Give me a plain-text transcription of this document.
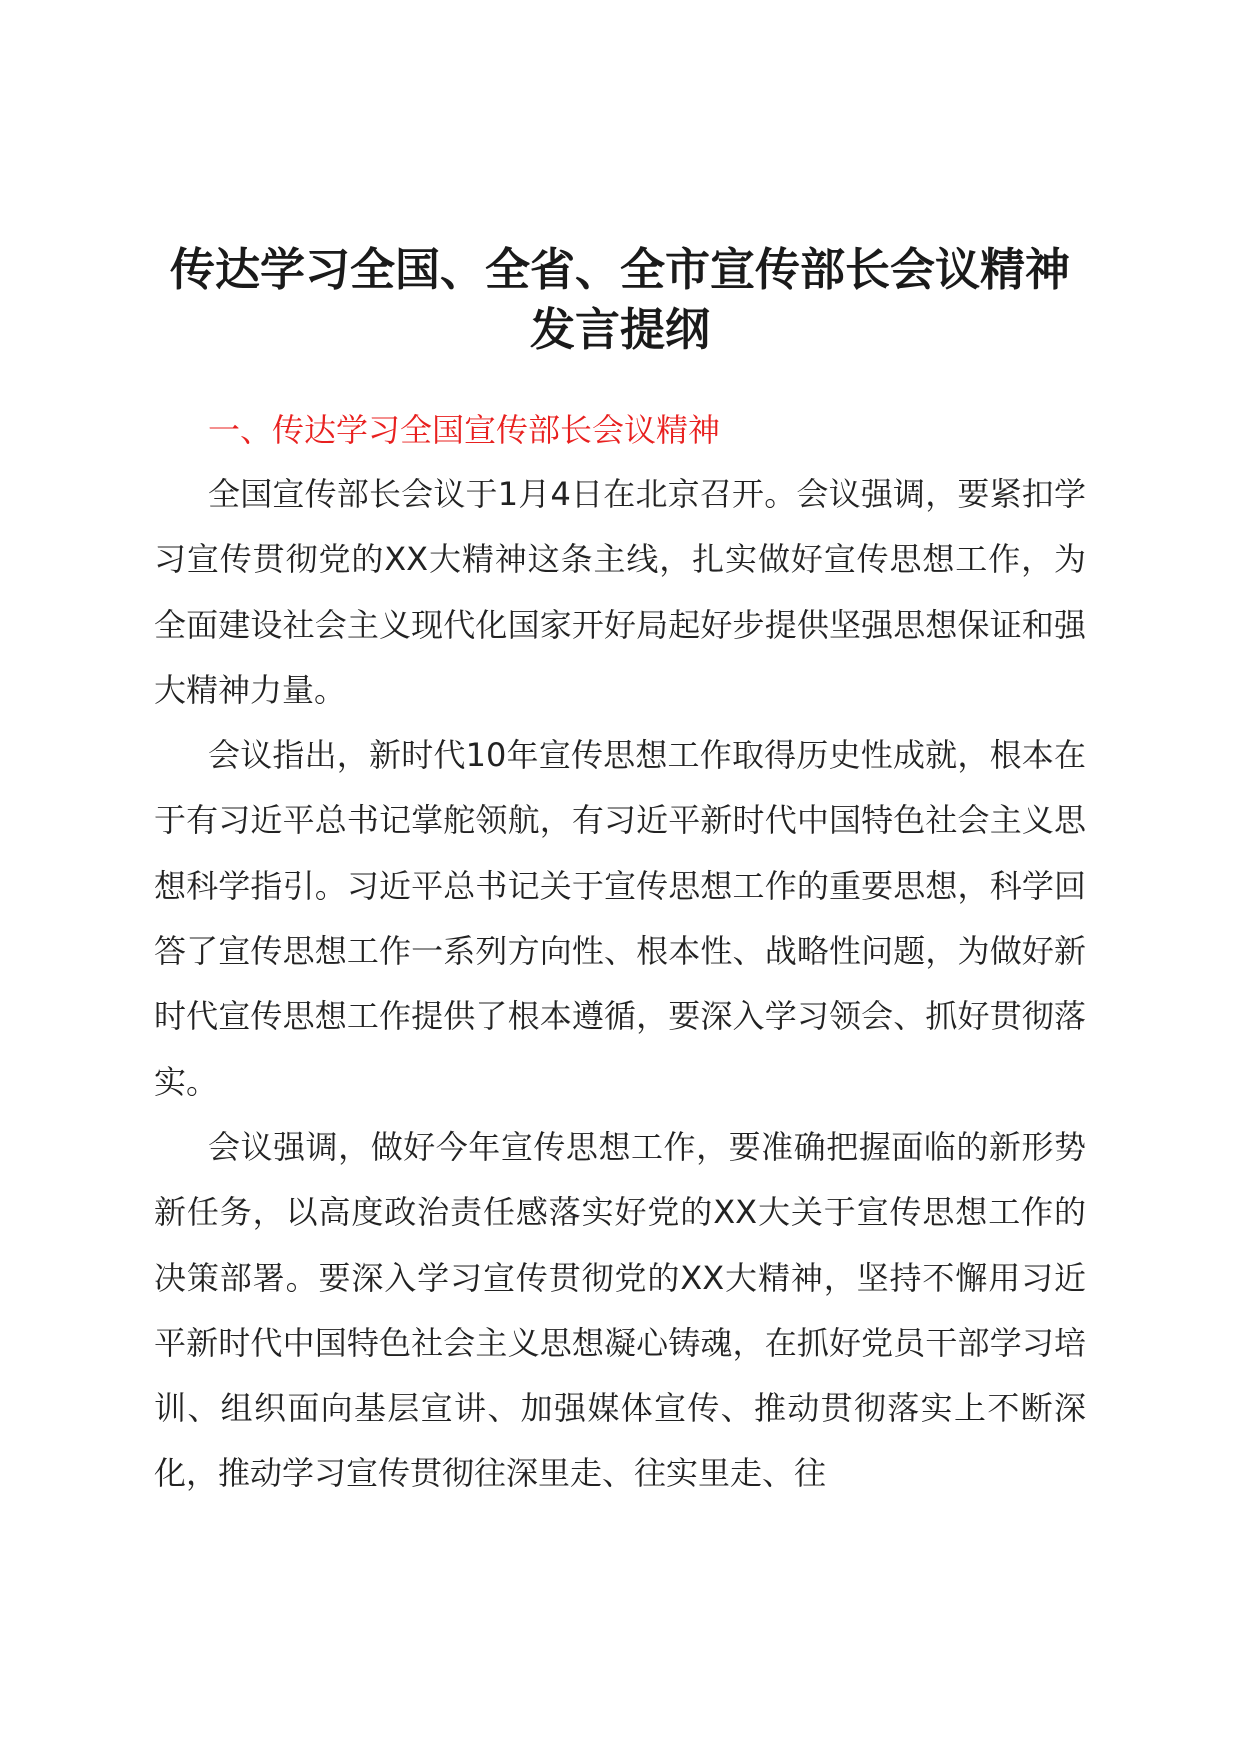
传达学习全国、全省、全市宣传部长会议精神
发言提纲
一、传达学习全国宣传部长会议精神

全国宣传部长会议于1月4日在北京召开。会议强调，要紧扣学习宣传贯彻党的XX大精神这条主线，扎实做好宣传思想工作，为全面建设社会主义现代化国家开好局起好步提供坚强思想保证和强大精神力量。

会议指出，新时代10年宣传思想工作取得历史性成就，根本在于有习近平总书记掌舵领航，有习近平新时代中国特色社会主义思想科学指引。习近平总书记关于宣传思想工作的重要思想，科学回答了宣传思想工作一系列方向性、根本性、战略性问题，为做好新时代宣传思想工作提供了根本遵循，要深入学习领会、抓好贯彻落实。

会议强调，做好今年宣传思想工作，要准确把握面临的新形势新任务，以高度政治责任感落实好党的XX大关于宣传思想工作的决策部署。要深入学习宣传贯彻党的XX大精神，坚持不懈用习近平新时代中国特色社会主义思想凝心铸魂，在抓好党员干部学习培训、组织面向基层宣讲、加强媒体宣传、推动贯彻落实上不断深化，推动学习宣传贯彻往深里走、往实里走、往
